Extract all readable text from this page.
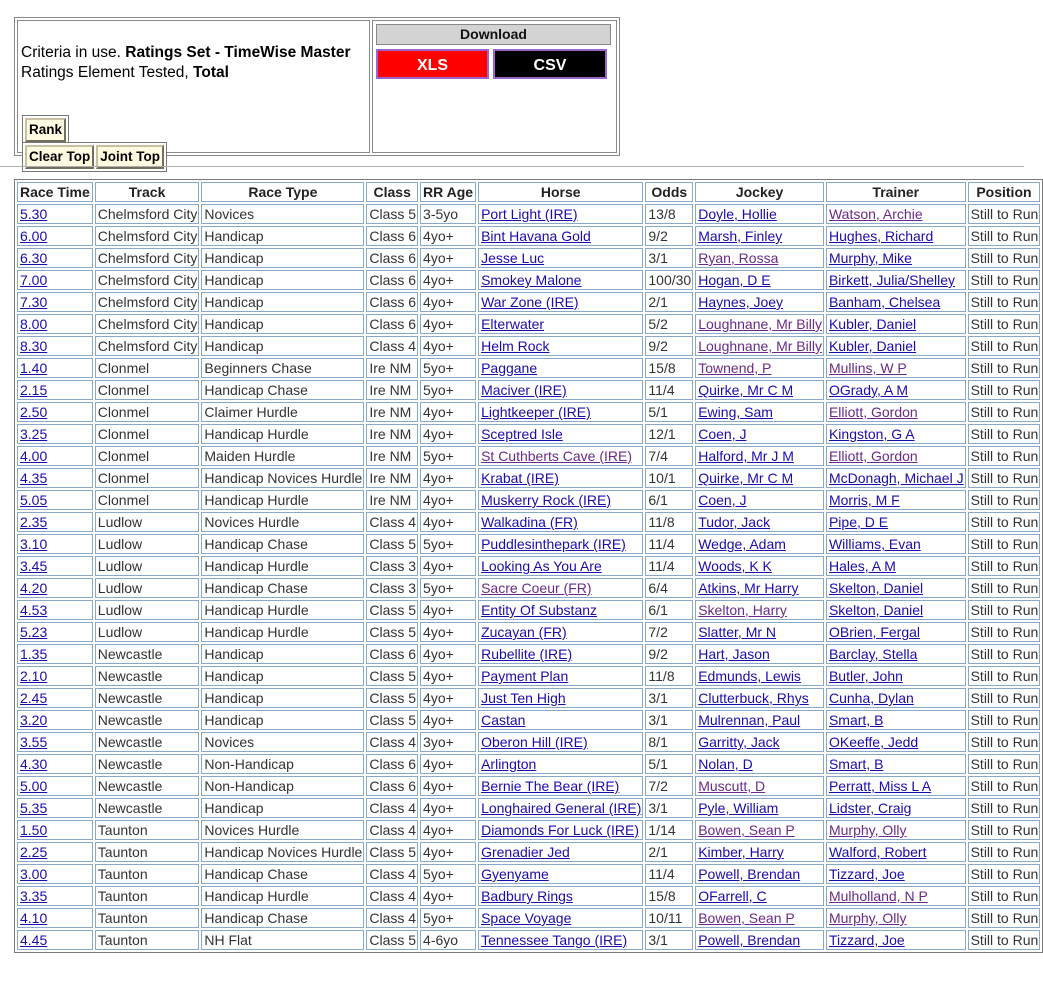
Criteria in use. Ratings Set - TimeWise Master
Ratings Element Tested, Total
Rank
Clear Top	Joint Top

Download
XLS	CSV
Race Time	Track	Race Type	Class	RR Age	Horse	Odds	Jockey	Trainer	Position
5.30	Chelmsford City	Novices	Class 5	3-5yo	Port Light (IRE)	13/8	Doyle, Hollie	Watson, Archie	Still to Run
6.00	Chelmsford City	Handicap	Class 6	4yo+	Bint Havana Gold	9/2	Marsh, Finley	Hughes, Richard	Still to Run
6.30	Chelmsford City	Handicap	Class 6	4yo+	Jesse Luc	3/1	Ryan, Rossa	Murphy, Mike	Still to Run
7.00	Chelmsford City	Handicap	Class 6	4yo+	Smokey Malone	100/30	Hogan, D E	Birkett, Julia/Shelley	Still to Run
7.30	Chelmsford City	Handicap	Class 6	4yo+	War Zone (IRE)	2/1	Haynes, Joey	Banham, Chelsea	Still to Run
8.00	Chelmsford City	Handicap	Class 6	4yo+	Elterwater	5/2	Loughnane, Mr Billy	Kubler, Daniel	Still to Run
8.30	Chelmsford City	Handicap	Class 4	4yo+	Helm Rock	9/2	Loughnane, Mr Billy	Kubler, Daniel	Still to Run
1.40	Clonmel	Beginners Chase	Ire NM	5yo+	Paggane	15/8	Townend, P	Mullins, W P	Still to Run
2.15	Clonmel	Handicap Chase	Ire NM	5yo+	Maciver (IRE)	11/4	Quirke, Mr C M	OGrady, A M	Still to Run
2.50	Clonmel	Claimer Hurdle	Ire NM	4yo+	Lightkeeper (IRE)	5/1	Ewing, Sam	Elliott, Gordon	Still to Run
3.25	Clonmel	Handicap Hurdle	Ire NM	4yo+	Sceptred Isle	12/1	Coen, J	Kingston, G A	Still to Run
4.00	Clonmel	Maiden Hurdle	Ire NM	5yo+	St Cuthberts Cave (IRE)	7/4	Halford, Mr J M	Elliott, Gordon	Still to Run
4.35	Clonmel	Handicap Novices Hurdle	Ire NM	4yo+	Krabat (IRE)	10/1	Quirke, Mr C M	McDonagh, Michael J	Still to Run
5.05	Clonmel	Handicap Hurdle	Ire NM	4yo+	Muskerry Rock (IRE)	6/1	Coen, J	Morris, M F	Still to Run
2.35	Ludlow	Novices Hurdle	Class 4	4yo+	Walkadina (FR)	11/8	Tudor, Jack	Pipe, D E	Still to Run
3.10	Ludlow	Handicap Chase	Class 5	5yo+	Puddlesinthepark (IRE)	11/4	Wedge, Adam	Williams, Evan	Still to Run
3.45	Ludlow	Handicap Hurdle	Class 3	4yo+	Looking As You Are	11/4	Woods, K K	Hales, A M	Still to Run
4.20	Ludlow	Handicap Chase	Class 3	5yo+	Sacre Coeur (FR)	6/4	Atkins, Mr Harry	Skelton, Daniel	Still to Run
4.53	Ludlow	Handicap Hurdle	Class 5	4yo+	Entity Of Substanz	6/1	Skelton, Harry	Skelton, Daniel	Still to Run
5.23	Ludlow	Handicap Hurdle	Class 5	4yo+	Zucayan (FR)	7/2	Slatter, Mr N	OBrien, Fergal	Still to Run
1.35	Newcastle	Handicap	Class 6	4yo+	Rubellite (IRE)	9/2	Hart, Jason	Barclay, Stella	Still to Run
2.10	Newcastle	Handicap	Class 5	4yo+	Payment Plan	11/8	Edmunds, Lewis	Butler, John	Still to Run
2.45	Newcastle	Handicap	Class 5	4yo+	Just Ten High	3/1	Clutterbuck, Rhys	Cunha, Dylan	Still to Run
3.20	Newcastle	Handicap	Class 5	4yo+	Castan	3/1	Mulrennan, Paul	Smart, B	Still to Run
3.55	Newcastle	Novices	Class 4	3yo+	Oberon Hill (IRE)	8/1	Garritty, Jack	OKeeffe, Jedd	Still to Run
4.30	Newcastle	Non-Handicap	Class 6	4yo+	Arlington	5/1	Nolan, D	Smart, B	Still to Run
5.00	Newcastle	Non-Handicap	Class 6	4yo+	Bernie The Bear (IRE)	7/2	Muscutt, D	Perratt, Miss L A	Still to Run
5.35	Newcastle	Handicap	Class 4	4yo+	Longhaired General (IRE)	3/1	Pyle, William	Lidster, Craig	Still to Run
1.50	Taunton	Novices Hurdle	Class 4	4yo+	Diamonds For Luck (IRE)	1/14	Bowen, Sean P	Murphy, Olly	Still to Run
2.25	Taunton	Handicap Novices Hurdle	Class 5	4yo+	Grenadier Jed	2/1	Kimber, Harry	Walford, Robert	Still to Run
3.00	Taunton	Handicap Chase	Class 4	5yo+	Gyenyame	11/4	Powell, Brendan	Tizzard, Joe	Still to Run
3.35	Taunton	Handicap Hurdle	Class 4	4yo+	Badbury Rings	15/8	OFarrell, C	Mulholland, N P	Still to Run
4.10	Taunton	Handicap Chase	Class 4	5yo+	Space Voyage	10/11	Bowen, Sean P	Murphy, Olly	Still to Run
4.45	Taunton	NH Flat	Class 5	4-6yo	Tennessee Tango (IRE)	3/1	Powell, Brendan	Tizzard, Joe	Still to Run
